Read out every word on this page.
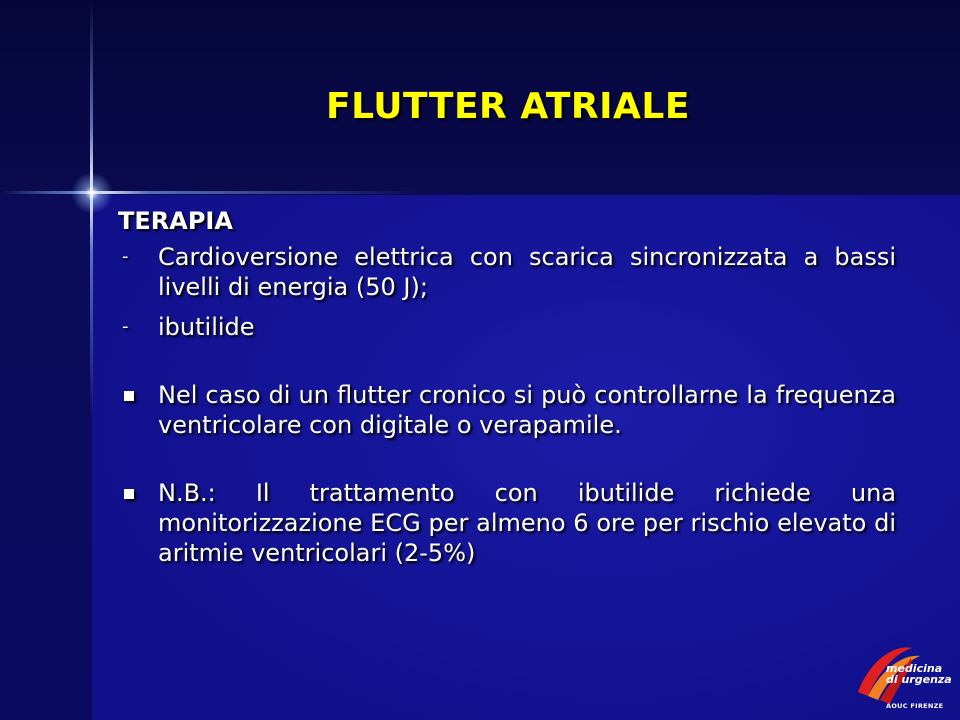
FLUTTER ATRIALE
TERAPIA
- Cardioversione elettrica con scarica sincronizzata a bassi livelli di energia (50 J);
- ibutilide
Nel caso di un flutter cronico si può controllarne la frequenza ventricolare con digitale o verapamile.
N.B.: Il trattamento con ibutilide richiede una monitorizzazione ECG per almeno 6 ore per rischio elevato di aritmie ventricolari (2-5%)
medicina
di urgenza
AOUC FIRENZE
